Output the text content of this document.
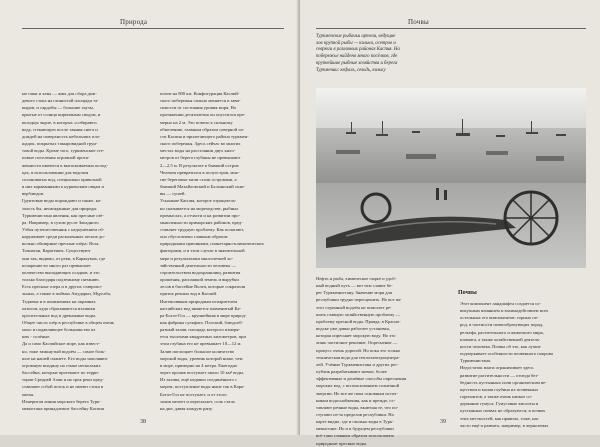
Природа
ые паки и хазы — ямы для сбора дож-
девого стока на глинистой площади та-
кыров, и сардобы — большие хаузы,
крытые от солнца кирпичным сводом, и
колодцы чирле, в которых «собирают»
воду, стекающую после таяния снега и
дождей на поверхность небольших пло-
щадок, покрытых такыровидной грун-
товой воды. Кроме того, туркменские сте-
повые поселения огромной протя-
женности имеются в вытаскиваемых колод-
цах, в использовании для водопоя
солоноватых вод, специально привозной
в них караванными к куркенским овцам и
верблюдов.
Грунтовые воды порождают и также, ка-
залось бы, неожиданные для природы
Туркменистана явления, как пресные озё-
ра. Например, в сухом русле Западного
Узбоя путешественник с недоумением об-
наруживает среди раскаленных песков до-
вольно обширные пресные озёра: Ясха,
Топиатан, Каратешек. Существуют
они так, видимо, от реки, в Каракумах, где
испарение во много раз превышает
количество выпадающих осадков, и это
только благодаря подземному питанию.
Есть пресные озера и в других ставропо-
льных, а также в поймах Амударьи, Мургаба,
Теджена и в понижениях на окраинах
оазисов, куда сбрасываются излишки
оросительных вод и дренажные воды.
Общее число озёр в республике в общем очень
мало и подавляющее большинство из
них - солёные.
Да и само Каспийское море, как извест-
но, тоже замкнутый водоём — самое боль-
шое на нашей планете. Его воды заполняют
огромную впадину на стыке нескольких
бассейна, которые протекают по терри-
тории Средней Азии и на срок реки пред-
ставляют собой поток и не имеют стока в
океан.
Измеритая линия морского берега Турк-
менистана принадлежит бассейну Каспия
почти на 800 км. Конфигурация Каспий-
ского побережья сильно меняется в зави-
симости от состояния уровня моря. На
протяжении десятилетия он опустился пре-
мерно на 2 м. Это повело к сильному
обмелению, главным образом северной ча-
сти Каспия и прилегающего района туркмен-
ского побережья. Здесь сейчас во многих
местах воды на расстоянии двух кило-
метров от берега глубины не превышают
2—2,5 м. В результате в бывший остров
Челекен превратился в полуостров, мно-
гие береговые мели стали островами, а
бывший Махайловский и Балханский зали-
вы — сушей.
Усыхание Каспия, которое отрицатель-
но сказывается на мореходстве, рыбных
промыслах, а отчасти и на развитии про-
мышленности приморских районов, пред-
ставляет трудную проблему. Как полагают,
оно обусловлено главным образом
природными причинами, планетарно-климатических
факторами, и в этом случае в значительной
мере и результатами многолетней хо-
зяйственной деятельности человека —
строительством водохранилищ, развития
орошения, распашкой земель и вырубки
лесов в бассейне Волги, которые сократили
приток речных вод в Каспий.
Интенсивным природным испарителем
каспийских вод является знаменитый Ка-
ра-Богаз-Гол — крупнейшая в мире природ-
ная фабрика сульфата. Плоский, блюдооб-
разный залив, площадь которого измеря-
ется тысячами квадратных километров, при
этом глубина его не превышает 10—12 м.
Залив поглощает большое количество
морской воды, уровень которой ниже, чем
в море, примерно на 4 метра. Ежегодно
через пролив поступает около 10 км³ воды.
Из залива, ещё недавно соединённого с
морем, поступление воды ныне так в Кара-
Богаз-Гол не поступает, и от этого
залив мелеет и пересыхает, соль стала
на дне, давая каждую рапу.
38
Почвы
Туркменские рыбачьи артели, ведущие
лов крупной рыбы — кильки, осетров и
севрюги в различных районах Каспия. На
побережье найдено много посёлков, где
крупнейшие рыбные хозяйства и берега
Туркмении: кефаль, сельдь, кильку
Нефть и рыба, химическое сырьё и удоб-
ный водный путь — вот чем славит бе-
рег Туркменистану. Значение моря для
республики трудно переоценить. Но все же
этот огромный водоём не помогает ре-
шить главную хозяйственную проблему —
проблему пресной воды. Правда, в Красно-
водске уже давно работает установка,
которая опресняет морскую воду. Но это
лишь частичное решение. Опреснение —
процесс очень дорогой. Но пока это только
техническая вода для теплоэлектроцентра-
лей. Учёные Туркменистана и других рес-
публик разрабатывают новые, более
эффективные и дешёвые способы опреснения
морских вод, с использованием солнечной
энергии. Но все же пока основным источ-
ником водоснабжения, как и прежде, ос-
тавляют речные воды, включая те, что по-
ступают из-за пределов республики. На
карте видно, где и сколько воды в Турк-
менистане. Но и в будущем республики
всё-таки главным образом использовать
природные пресные воды.
Почвы
Этот компонент ландшафта создается со-
вокупным влиянием и взаимодействием всех
остальных его компонентов: горных по-
род, в частности почвообразующих пород,
рельефа, растительного и животного мира,
климата, а также хозяйственной деятель-
ности человека. Почвы об это, как лучше
подчеркивает особенности почвенного покрова
Туркменистана.
Недостаток влаги ограничивает здесь
развитие растительности — отсюда без-
бедность пустынных почв органическим ве-
ществом и малая глубина их почвенных
горизонтов, а также очень низкое со-
держание гумуса. Гумусовые кислоты в
пустынных почвах не образуются; в почвах
этих местностей, как правило, тоже, нас
часто ещё и развито, например, в черноземах
39
